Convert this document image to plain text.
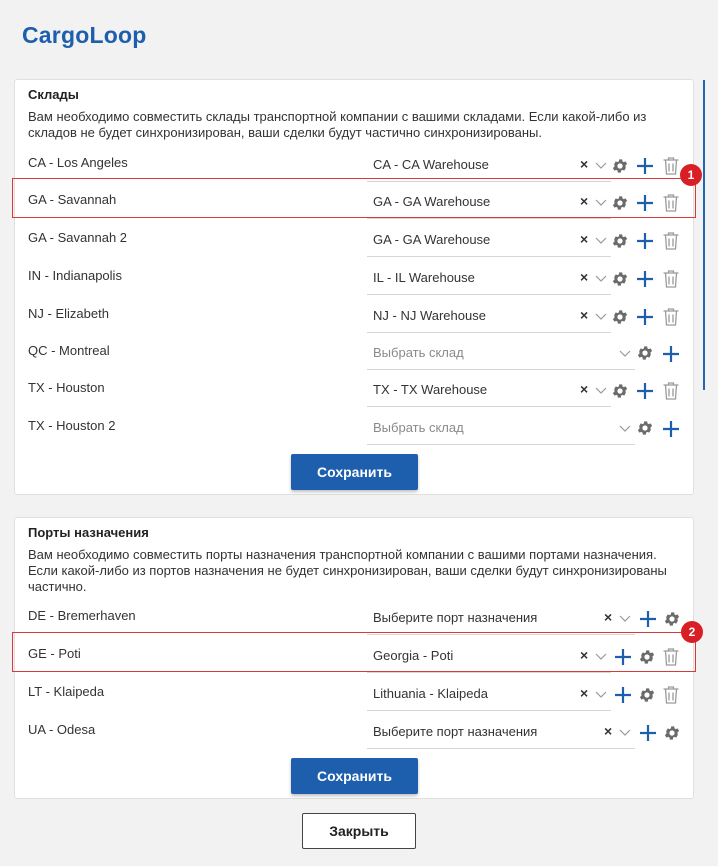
CargoLoop
Склады
Вам необходимо совместить склады транспортной компании с вашими складами. Если какой-либо из складов не будет синхронизирован, ваши сделки будут частично синхронизированы.
CA - Los Angeles	CA - CA Warehouse	×
GA - Savannah	GA - GA Warehouse	×
GA - Savannah 2	GA - GA Warehouse	×
IN - Indianapolis	IL - IL Warehouse	×
NJ - Elizabeth	NJ - NJ Warehouse	×
QC - Montreal	Выбрать склад
TX - Houston	TX - TX Warehouse	×
TX - Houston 2	Выбрать склад
Сохранить
Порты назначения
Вам необходимо совместить порты назначения транспортной компании с вашими портами назначения. Если какой-либо из портов назначения не будет синхронизирован, ваши сделки будут синхронизированы частично.
DE - Bremerhaven	Выберите порт назначения	×
GE - Poti	Georgia - Poti	×
LT - Klaipeda	Lithuania - Klaipeda	×
UA - Odesa	Выберите порт назначения	×
Сохранить
Закрыть
1
2
